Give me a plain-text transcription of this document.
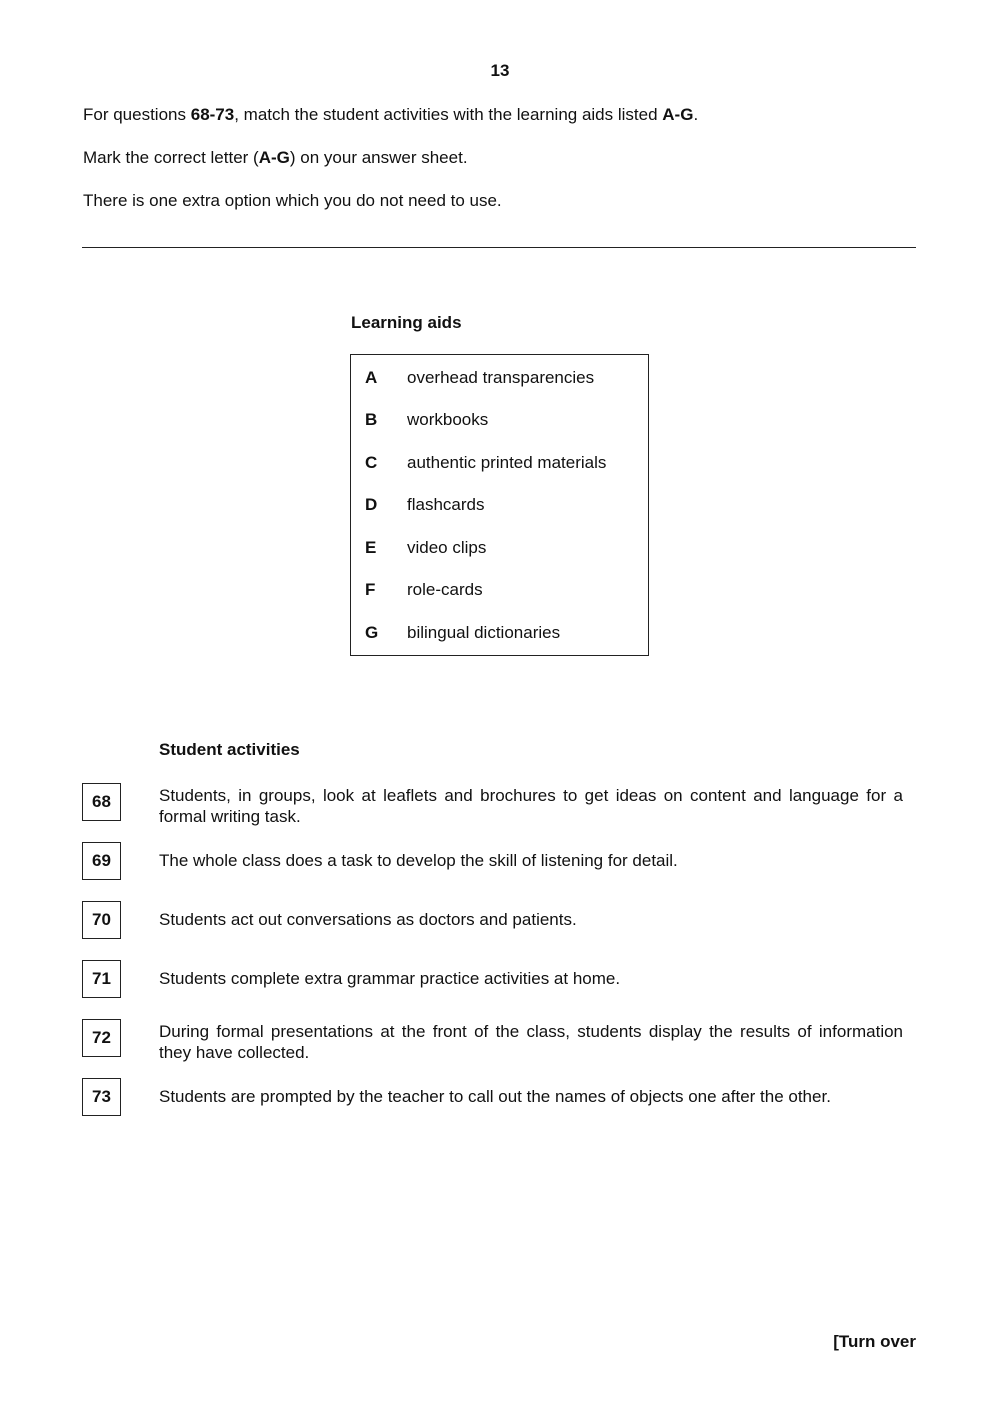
13
For questions 68-73, match the student activities with the learning aids listed A-G.
Mark the correct letter (A-G) on your answer sheet.
There is one extra option which you do not need to use.
Learning aids
A overhead transparencies
B workbooks
C authentic printed materials
D flashcards
E video clips
F role-cards
G bilingual dictionaries
Student activities
68	Students, in groups, look at leaflets and brochures to get ideas on content and language for a formal writing task.
69	The whole class does a task to develop the skill of listening for detail.
70	Students act out conversations as doctors and patients.
71	Students complete extra grammar practice activities at home.
72	During formal presentations at the front of the class, students display the results of information they have collected.
73	Students are prompted by the teacher to call out the names of objects one after the other.
[Turn over
